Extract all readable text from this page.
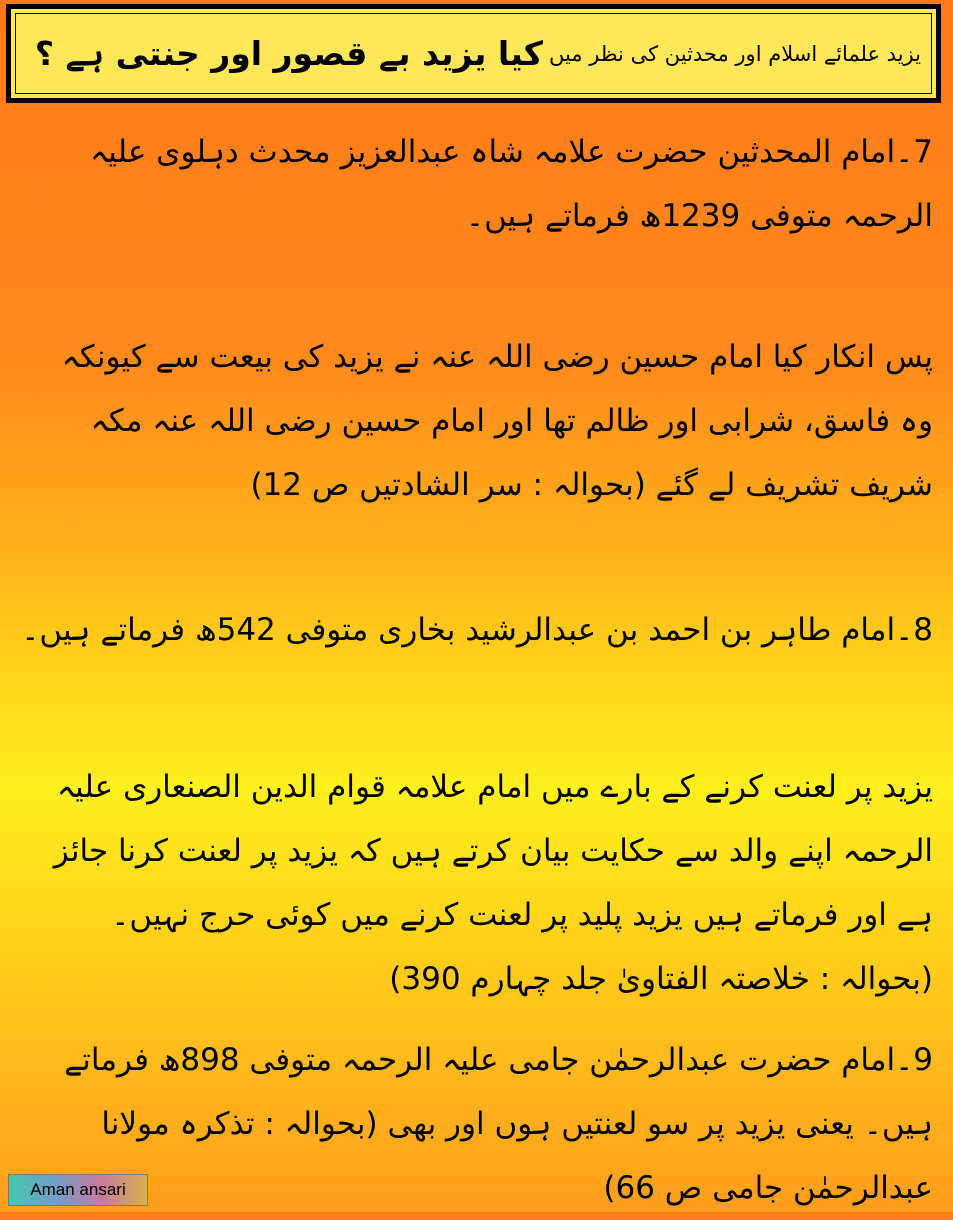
یزید علمائے اسلام اور محدثین کی نظر میں
کیا یزید بے قصور اور جنتی ہے ؟

7۔امام المحدثین حضرت علامہ شاہ عبدالعزیز محدث دہلوی علیہ الرحمہ متوفی 1239ھ فرماتے ہیں۔

پس انکار کیا امام حسین رضی اللہ عنہ نے یزید کی بیعت سے کیونکہ وہ فاسق، شرابی اور ظالم تھا اور امام حسین رضی اللہ عنہ مکہ شریف تشریف لے گئے (بحوالہ : سر الشادتیں ص 12)

8۔امام طاہر بن احمد بن عبدالرشید بخاری متوفی 542ھ فرماتے ہیں۔

یزید پر لعنت کرنے کے بارے میں امام علامہ قوام الدین الصنعاری علیہ الرحمہ اپنے والد سے حکایت بیان کرتے ہیں کہ یزید پر لعنت کرنا جائز ہے اور فرماتے ہیں یزید پلید پر لعنت کرنے میں کوئی حرج نہیں۔ (بحوالہ : خلاصتہ الفتاویٰ جلد چہارم 390)

9۔امام حضرت عبدالرحمٰن جامی علیہ الرحمہ متوفی 898ھ فرماتے ہیں۔ یعنی یزید پر سو لعنتیں ہوں اور بھی (بحوالہ : تذکرہ مولانا عبدالرحمٰن جامی ص 66)

Aman ansari
